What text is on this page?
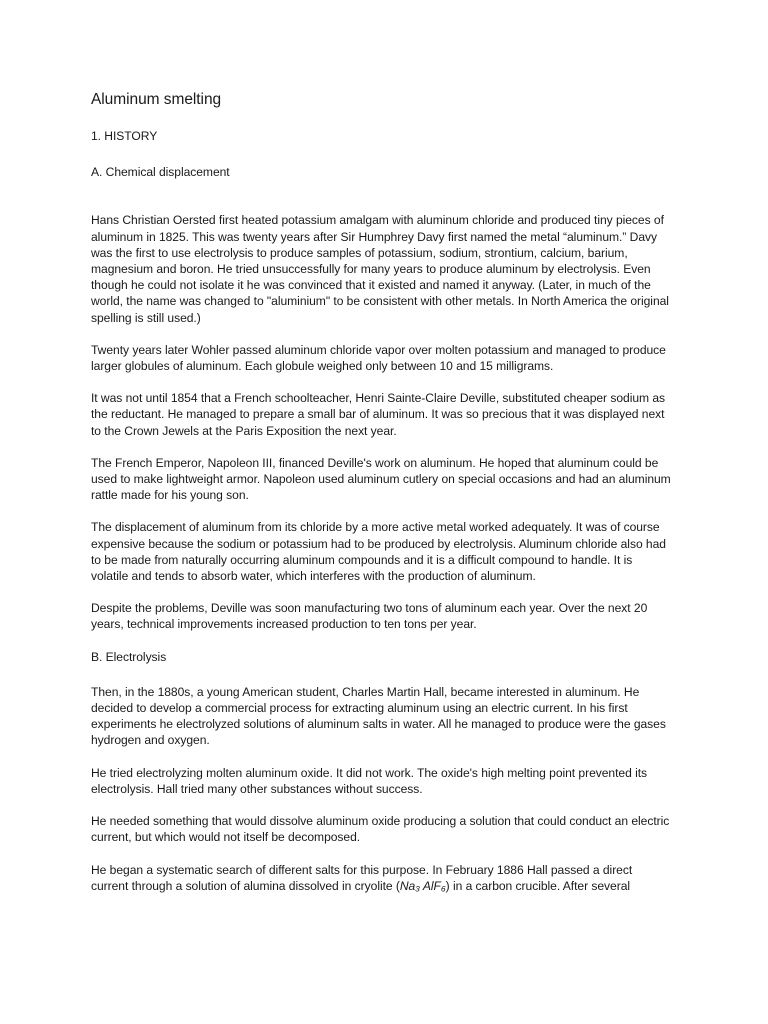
Aluminum smelting
1. HISTORY
A. Chemical displacement

Hans Christian Oersted first heated potassium amalgam with aluminum chloride and produced tiny pieces of aluminum in 1825. This was twenty years after Sir Humphrey Davy first named the metal “aluminum.” Davy was the first to use electrolysis to produce samples of potassium, sodium, strontium, calcium, barium, magnesium and boron. He tried unsuccessfully for many years to produce aluminum by electrolysis. Even though he could not isolate it he was convinced that it existed and named it anyway. (Later, in much of the world, the name was changed to "aluminium" to be consistent with other metals. In North America the original spelling is still used.)

Twenty years later Wohler passed aluminum chloride vapor over molten potassium and managed to produce larger globules of aluminum. Each globule weighed only between 10 and 15 milligrams.

It was not until 1854 that a French schoolteacher, Henri Sainte-Claire Deville, substituted cheaper sodium as the reductant. He managed to prepare a small bar of aluminum. It was so precious that it was displayed next to the Crown Jewels at the Paris Exposition the next year.

The French Emperor, Napoleon III, financed Deville's work on aluminum. He hoped that aluminum could be used to make lightweight armor. Napoleon used aluminum cutlery on special occasions and had an aluminum rattle made for his young son.

The displacement of aluminum from its chloride by a more active metal worked adequately. It was of course expensive because the sodium or potassium had to be produced by electrolysis. Aluminum chloride also had to be made from naturally occurring aluminum compounds and it is a difficult compound to handle. It is volatile and tends to absorb water, which interferes with the production of aluminum.

Despite the problems, Deville was soon manufacturing two tons of aluminum each year. Over the next 20 years, technical improvements increased production to ten tons per year.

B. Electrolysis

Then, in the 1880s, a young American student, Charles Martin Hall, became interested in aluminum. He decided to develop a commercial process for extracting aluminum using an electric current. In his first experiments he electrolyzed solutions of aluminum salts in water. All he managed to produce were the gases hydrogen and oxygen.

He tried electrolyzing molten aluminum oxide. It did not work. The oxide's high melting point prevented its electrolysis. Hall tried many other substances without success.

He needed something that would dissolve aluminum oxide producing a solution that could conduct an electric current, but which would not itself be decomposed.

He began a systematic search of different salts for this purpose. In February 1886 Hall passed a direct current through a solution of alumina dissolved in cryolite (Na₃ AlF₆) in a carbon crucible. After several
